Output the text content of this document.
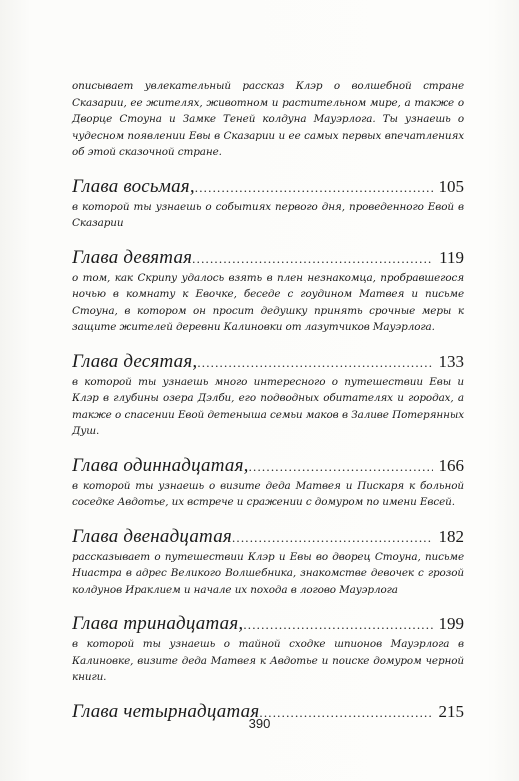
описывает увлекательный рассказ Клэр о волшебной стране Сказарии, ее жителях, животном и растительном мире, а также о Дворце Стоуна и Замке Теней колдуна Мауэрлога. Ты узнаешь о чудесном появлении Евы в Сказарии и ее самых первых впечатлениях об этой сказочной стране.

Глава восьмая, .....	105

в которой ты узнаешь о событиях первого дня, проведенного Евой в Сказарии

Глава девятая .....	119

о том, как Скрипу удалось взять в плен незнакомца, пробравшегося ночью в комнату к Евочке, беседе с гоудином Матвея и письме Стоуна, в котором он просит дедушку принять срочные меры к защите жителей деревни Калиновки от лазутчиков Мауэрлога.

Глава десятая, .....	133

в которой ты узнаешь много интересного о путешествии Евы и Клэр в глубины озера Дэлби, его подводных обитателях и городах, а также о спасении Евой детеныша семьи маков в Заливе Потерянных Душ.

Глава одиннадцатая, .....	166

в которой ты узнаешь о визите деда Матвея и Пискаря к больной соседке Авдотье, их встрече и сражении с домуром по имени Евсей.

Глава двенадцатая .....	182

рассказывает о путешествии Клэр и Евы во дворец Стоуна, письме Ниастра в адрес Великого Волшебника, знакомстве девочек с грозой колдунов Ираклием и начале их похода в логово Мауэрлога

Глава тринадцатая, .....	199

в которой ты узнаешь о тайной сходке шпионов Мауэрлога в Калиновке, визите деда Матвея к Авдотье и поиске домуром черной книги.

Глава четырнадцатая .....	215
390
